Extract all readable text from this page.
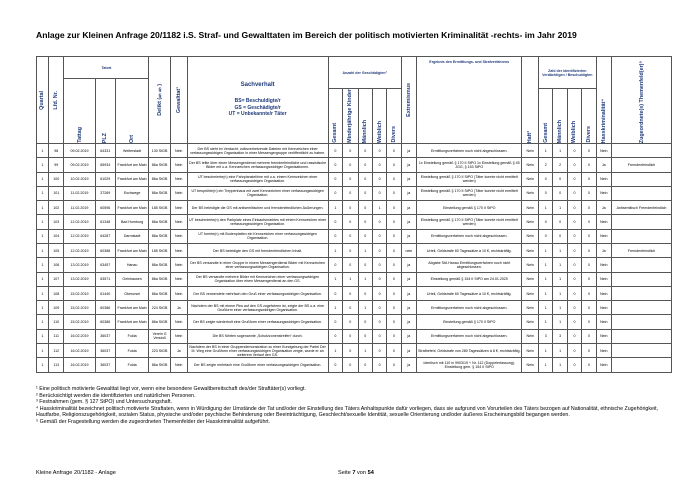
Anlage zur Kleinen Anfrage 20/1182 i.S. Straf- und Gewalttaten im Bereich der politisch motivierten Kriminalität -rechts- im Jahr 2019
Quartal	Lfd. Nr.	Tatort			Delikt (§§)	Gewalttat¹	Sachverhalt
BS= Beschuldigte/r
GS = Geschädigte/r
UT = Unbekannte/r Täter	Anzahl der Geschädigten²					Extremismus	Ergebnis des Ermittlungs- und Strafverfahrens	Haft³	Zahl der identifizierten Verdächtigen / Beschuldigten				Hasskriminalität⁴	Zugeordnete(s) Themenfeld(er)⁵

		Tattag	PLZ	Ort																	

								Gesamt	Minderjährige Kinder	Männlich	Weiblich	Divers				Gesamt	Männlich	Weiblich	Divers		

1	98	09.02.2019	64331	Weiterstadt	130 StGB	Nein	Der BS steht im Verdacht, volksverhetzende Dateien mit Kennzeichen einer verfassungswidrigen Organisation in einer Messengergruppe veröffentlicht zu haben.	0	0	0	0	0	ja	Ermittlungsverfahren noch nicht abgeschlossen.	Nein	1	1	0	0	Nein	
1	99	09.02.2019	65934	Frankfurt am Main	86a StGB	Nein	Der BS teilte über einen Messengerdienst mehrere fremdenfeindliche und rassistische Bilder mit u.a. Kennzeichen verfassungswidriger Organisationen.	0	0	0	0	0	ja	1x Einstellung gemäß § 170 II StPO 1x Einstellung gemäß § 45 JGG, § 153 StPO	Nein	2	2	0	0	Ja	Fremdenfeindlich
1	100	10.02.2019	61029	Frankfurt am Main	86a StGB	Nein	UT beschmierte(n) eine Fahrplanstellrine mit u.a. einem Kennzeichen einer verfassungswidrigen Organisation.	0	0	0	0	0	ja	Einstellung gemäß § 170 II StPO (Täter konnte nicht ermittelt werden)	Nein	0	0	0	0	Nein	
1	101	11.02.2019	37269	Eschwege	86a StGB	Nein	UT besprühte(n) ein Treppenhaus mit zwei Kennzeichen einer verfassungswidrigen Organisation.	0	0	0	0	0	ja	Einstellung gemäß § 170 II StPO (Täter konnte nicht ermittelt werden)	Nein	0	0	0	0	Nein	
1	102	11.02.2019	60596	Frankfurt am Main	185 StGB	Nein	Der BS beleidigte die GS mit antisemitischen und fremdenfeindlichen Äußerungen.	1	0	0	1	0	ja	Einstellung gemäß § 170 II StPO	Nein	1	1	0	0	Ja	Antisemitisch Fremdenfeindlich
1	103	12.02.2019	61348	Bad Homburg	86a StGB	Nein	UT beschmierte(n) den Parkplatz eines Einkaufsmarktes mit einem Kennzeichen einer verfassungswidrigen Organisation.	0	0	0	0	0	ja	Einstellung gemäß § 170 II StPO (Täter konnte nicht ermittelt werden)	Nein	0	0	0	0	Nein	
1	104	12.02.2019	64287	Darmstadt	86a StGB	Nein	UT formte(n) mit Bodenplatten ein Kennzeichen einer verfassungswidrigen Organisation.	0	0	0	0	0	ja	Ermittlungsverfahren noch nicht abgeschlossen.	Nein	0	0	0	0	Nein	
1	105	12.02.2019	60388	Frankfurt am Main	185 StGB	Nein	Der BS beleidigte den GS mit fremdenfeindlichen Inhalt.	1	0	1	0	0	nein	Urteil, Geldstrafe 60 Tagessätze à 10 €, rechtskräftig.	Nein	1	1	0	0	Ja	Fremdenfeindlich
1	106	13.02.2019	63457	Hanau	86a StGB	Nein	Der BS versandte in einer Gruppe in einem Messengerdienst Bilder mit Kennzeichen einer verfassungswidrigen Organisation.	0	0	0	0	0	ja	Abgabe StA Hanau Ermittlungsverfahren noch nicht abgeschlossen.	Nein	1	1	0	0	Nein	
1	107	13.02.2019	63571	Gelnhausen	86a StGB	Nein	Der BS versandte mehrere Bilder mit Kennzeichen einer verfassungswidrigen Organisation über einen Messengerdienst an den GS.	1	1	1	0	0	ja	Einstellung gemäß § 154 II StPO am 24.01.2020	Nein	1	1	0	0	Nein	
1	108	15.02.2019	61440	Oberursel	86a StGB	Nein	Der BS verwendete mehrfach den Gruß einer verfassungswidrigen Organisation.	0	0	0	0	0	ja	Urteil, Geldstrafe 60 Tagessätze à 10 €, rechtskräftig.	Nein	1	1	0	0	Nein	
1	109	15.02.2019	60386	Frankfurt am Main	224 StGB	Ja	Nachdem der BS mit einem Pkw auf den GS zugefahren ist, zeigte der BS u.a. eine Grußform einer verfassungswidrigen Organisation.	1	0	1	0	0	ja	Ermittlungsverfahren noch nicht abgeschlossen.	Nein	1	1	0	0	Nein	
1	110	15.02.2019	60386	Frankfurt am Main	86a StGB	Nein	Der BS zeigte wiederholt eine Grußform einer verfassungswidrigen Organisation.	0	0	0	0	0	ja	Einstellung gemäß § 170 II StPO	Nein	1	1	0	0	Nein	
1	111	16.02.2019	36037	Fulda	Verein G Verstoß	Nein	Die BS führten sogenannte „Schutzzonenstreifen“ durch.	0	0	0	0	0	ja	Ermittlungsverfahren noch nicht abgeschlossen.	Nein	3	3	0	0	Nein	
1	112	16.02.2019	36037	Fulda	223 StGB	Ja	Nachdem der BS in einer Gruppendemonstration zu einer Kundgebung der Partei Der III. Weg eine Grußform einer verfassungswidrigen Organisation zeigte, wurde er an weiterem Verlauf den GS.	1	0	1	0	0	ja	Strafbefehl, Geldstrafe von 280 Tagessätzen à 8 €, rechtskräftig.	Nein	1	1	0	0	Nein	
1	113	16.02.2019	36037	Fulda	86a StGB	Nein	Der BS zeigte mehrfach eine Grußform einer verfassungswidrigen Organisation.	0	0	0	0	0	ja	identisch mit 110 in 9903/19 + Nr. 112 (Doppelerfassung), Einstellung gem. § 154 II StPO	Nein	1	1	0	0	Nein	
¹ Eine politisch motivierte Gewalttat liegt vor, wenn eine besondere Gewaltbereitschaft des/der Straftäter(s) vorliegt.
² Berücksichtigt werden die identifizierten und natürlichen Personen.
³ Festnahmen (gem. § 127 StPO) und Untersuchungshaft.
⁴ Hasskriminalität bezeichnet politisch motivierte Straftaten, wenn in Würdigung der Umstände der Tat und/oder der Einstellung des Täters Anhaltspunkte dafür vorliegen, dass sie aufgrund von Vorurteilen des Täters bezogen auf Nationalität, ethnische Zugehörigkeit, Hautfarbe, Religionszugehörigkeit, sozialen Status, physische und/oder psychische Behinderung oder Beeinträchtigung, Geschlecht/sexuelle Identität, sexuelle Orientierung und/oder äußeres Erscheinungsbild begangen werden.
⁵ Gemäß der Fragestellung werden die zugeordneten Themenfelder der Hasskriminalität aufgeführt.
Kleine Anfrage 20/1182 - Anlage	Seite 7 von 54
